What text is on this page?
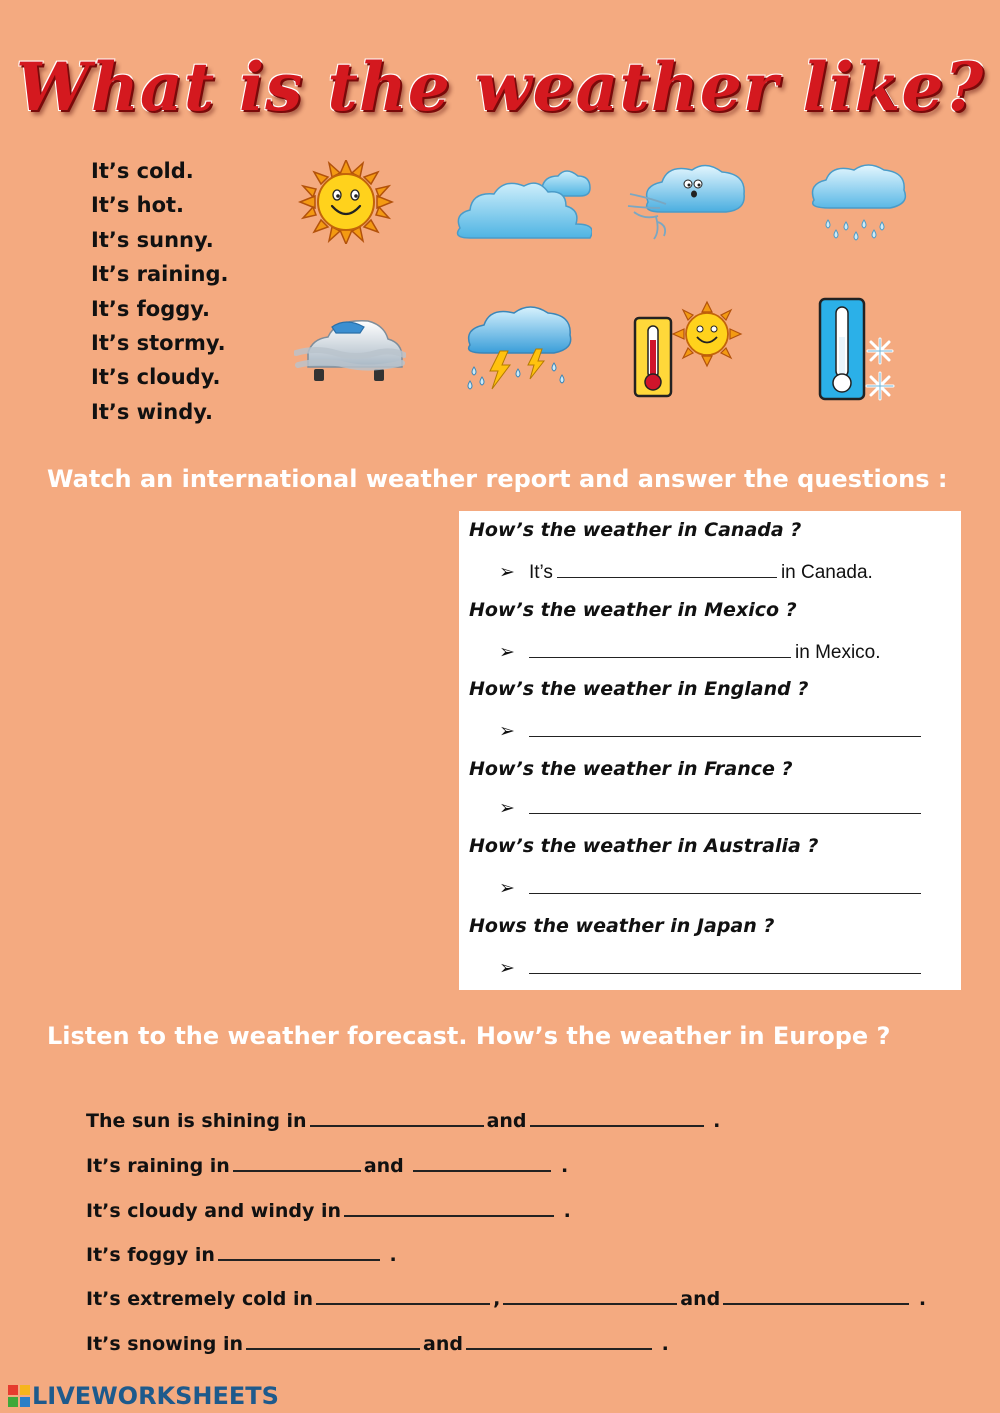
What is the weather like?
It’s cold.
It’s hot.
It’s sunny.
It’s raining.
It’s foggy.
It’s stormy.
It’s cloudy.
It’s windy.
Watch an international weather report and answer the questions :
How’s the weather in Canada ?
➢ It’s	in Canada.
How’s the weather in Mexico ?
➢	in Mexico.
How’s the weather in England ?
➢
How’s the weather in France ?
➢
How’s the weather in Australia ?
➢
Hows the weather in Japan ?
➢
Listen to the weather forecast. How’s the weather in Europe ?
The sun is shining in	and	.
It’s raining in	and	.
It’s cloudy and windy in	.
It’s foggy in	.
It’s extremely cold in	,	and	.
It’s snowing in	and	.
LIVEWORKSHEETS
